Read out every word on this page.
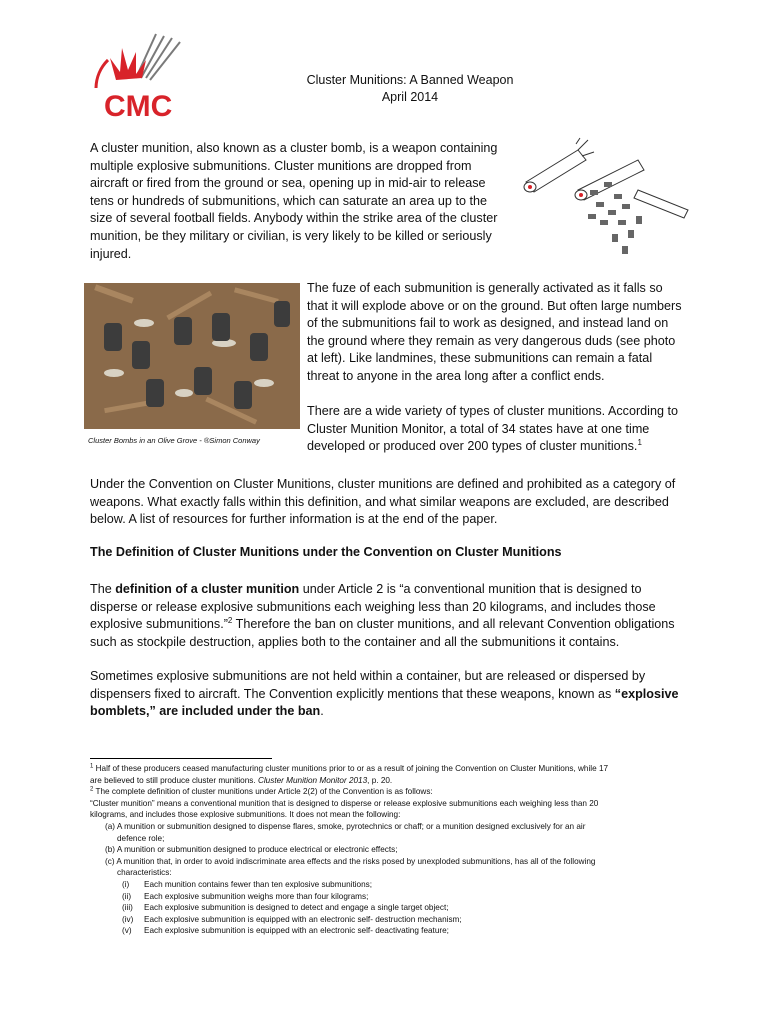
CMC
Cluster Munitions: A Banned Weapon
April 2014

A cluster munition, also known as a cluster bomb, is a weapon containing multiple explosive submunitions. Cluster munitions are dropped from aircraft or fired from the ground or sea, opening up in mid-air to release tens or hundreds of submunitions, which can saturate an area up to the size of several football fields. Anybody within the strike area of the cluster munition, be they military or civilian, is very likely to be killed or seriously injured.

Cluster Bombs in an Olive Grove - ®Simon Conway

The fuze of each submunition is generally activated as it falls so that it will explode above or on the ground. But often large numbers of the submunitions fail to work as designed, and instead land on the ground where they remain as very dangerous duds (see photo at left). Like landmines, these submunitions can remain a fatal threat to anyone in the area long after a conflict ends.

There are a wide variety of types of cluster munitions. According to Cluster Munition Monitor, a total of 34 states have at one time developed or produced over 200 types of cluster munitions.$^1$

Under the Convention on Cluster Munitions, cluster munitions are defined and prohibited as a category of weapons. What exactly falls within this definition, and what similar weapons are excluded, are described below. A list of resources for further information is at the end of the paper.

The Definition of Cluster Munitions under the Convention on Cluster Munitions

The definition of a cluster munition under Article 2 is “a conventional munition that is designed to disperse or release explosive submunitions each weighing less than 20 kilograms, and includes those explosive submunitions.”$^2$ Therefore the ban on cluster munitions, and all relevant Convention obligations such as stockpile destruction, applies both to the container and all the submunitions it contains.

Sometimes explosive submunitions are not held within a container, but are released or dispersed by dispensers fixed to aircraft. The Convention explicitly mentions that these weapons, known as “explosive bomblets,” are included under the ban.

$^1$ Half of these producers ceased manufacturing cluster munitions prior to or as a result of joining the Convention on Cluster Munitions, while 17
are believed to still produce cluster munitions. Cluster Munition Monitor 2013, p. 20.
$^2$ The complete definition of cluster munitions under Article 2(2) of the Convention is as follows:
“Cluster munition” means a conventional munition that is designed to disperse or release explosive submunitions each weighing less than 20
kilograms, and includes those explosive submunitions. It does not mean the following:
(a) A munition or submunition designed to dispense flares, smoke, pyrotechnics or chaff; or a munition designed exclusively for an air
defence role;
(b) A munition or submunition designed to produce electrical or electronic effects;
(c) A munition that, in order to avoid indiscriminate area effects and the risks posed by unexploded submunitions, has all of the following
characteristics:
(i) Each munition contains fewer than ten explosive submunitions;
(ii) Each explosive submunition weighs more than four kilograms;
(iii) Each explosive submunition is designed to detect and engage a single target object;
(iv) Each explosive submunition is equipped with an electronic self- destruction mechanism;
(v) Each explosive submunition is equipped with an electronic self- deactivating feature;
